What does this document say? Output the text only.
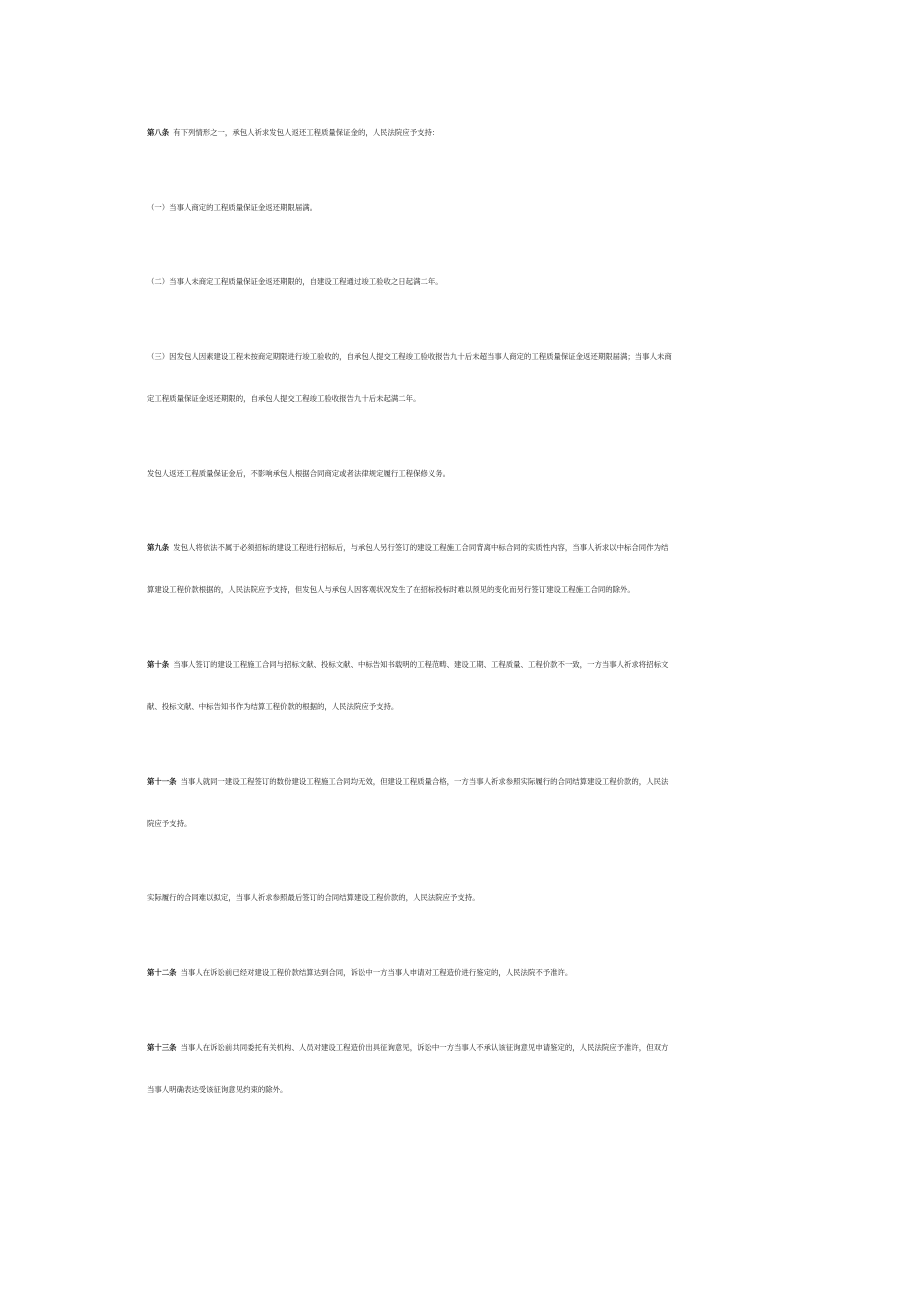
第八条 有下列情形之一，承包人祈求发包人返还工程质量保证金的，人民法院应予支持：
（一）当事人商定的工程质量保证金返还期限届满。
（二）当事人未商定工程质量保证金返还期限的，自建设工程通过竣工验收之日起满二年。
（三）因发包人因素建设工程未按商定期限进行竣工验收的，自承包人提交工程竣工验收报告九十后未超当事人商定的工程质量保证金返还期限届满；当事人未商
定工程质量保证金返还期限的，自承包人提交工程竣工验收报告九十后未起满二年。
发包人返还工程质量保证金后，不影响承包人根据合同商定或者法律规定履行工程保修义务。
第九条 发包人将依法不属于必须招标的建设工程进行招标后，与承包人另行签订的建设工程施工合同背离中标合同的实质性内容，当事人祈求以中标合同作为结
算建设工程价款根据的，人民法院应予支持，但发包人与承包人因客观状况发生了在招标投标时难以预见的变化而另行签订建设工程施工合同的除外。
第十条 当事人签订的建设工程施工合同与招标文献、投标文献、中标告知书载明的工程范畴、建设工期、工程质量、工程价款不一致，一方当事人祈求将招标文
献、投标文献、中标告知书作为结算工程价款的根据的，人民法院应予支持。
第十一条 当事人就同一建设工程签订的数份建设工程施工合同均无效，但建设工程质量合格，一方当事人祈求参照实际履行的合同结算建设工程价款的，人民法
院应予支持。
实际履行的合同难以拟定，当事人祈求参照最后签订的合同结算建设工程价款的，人民法院应予支持。
第十二条 当事人在诉讼前已经对建设工程价款结算达到合同，诉讼中一方当事人申请对工程造价进行鉴定的，人民法院不予准许。
第十三条 当事人在诉讼前共同委托有关机构、人员对建设工程造价出具征询意见，诉讼中一方当事人不承认该征询意见申请鉴定的，人民法院应予准许，但双方
当事人明确表达受该征询意见约束的除外。
